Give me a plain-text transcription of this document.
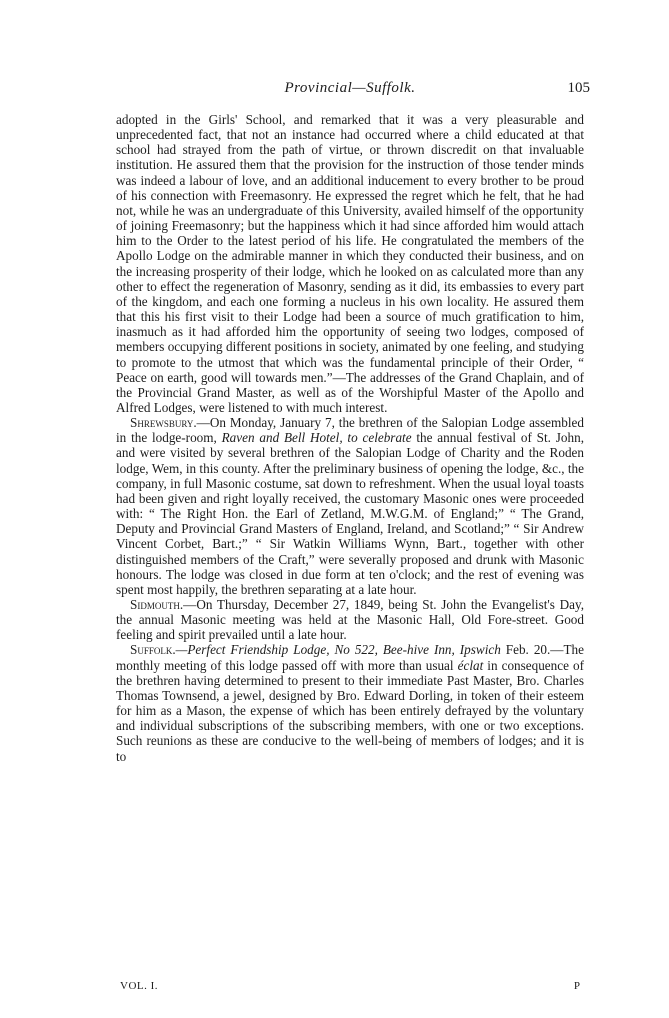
Provincial—Suffolk.	105

adopted in the Girls' School, and remarked that it was a very pleasurable and unprecedented fact, that not an instance had occurred where a child educated at that school had strayed from the path of virtue, or thrown discredit on that invaluable institution. He assured them that the provision for the instruction of those tender minds was indeed a labour of love, and an additional inducement to every brother to be proud of his connection with Freemasonry. He expressed the regret which he felt, that he had not, while he was an undergraduate of this University, availed himself of the opportunity of joining Freemasonry; but the happiness which it had since afforded him would attach him to the Order to the latest period of his life. He congratulated the members of the Apollo Lodge on the admirable manner in which they conducted their business, and on the increasing prosperity of their lodge, which he looked on as calculated more than any other to effect the regeneration of Masonry, sending as it did, its embassies to every part of the kingdom, and each one forming a nucleus in his own locality. He assured them that this his first visit to their Lodge had been a source of much gratification to him, inasmuch as it had afforded him the opportunity of seeing two lodges, composed of members occupying different positions in society, animated by one feeling, and studying to promote to the utmost that which was the fundamental principle of their Order, “ Peace on earth, good will towards men.”—The addresses of the Grand Chaplain, and of the Provincial Grand Master, as well as of the Worshipful Master of the Apollo and Alfred Lodges, were listened to with much interest.

Shrewsbury.—On Monday, January 7, the brethren of the Salopian Lodge assembled in the lodge-room, Raven and Bell Hotel, to celebrate the annual festival of St. John, and were visited by several brethren of the Salopian Lodge of Charity and the Roden lodge, Wem, in this county. After the preliminary business of opening the lodge, &c., the company, in full Masonic costume, sat down to refreshment. When the usual loyal toasts had been given and right loyally received, the customary Masonic ones were proceeded with: “ The Right Hon. the Earl of Zetland, M.W.G.M. of England;” “ The Grand, Deputy and Provincial Grand Masters of England, Ireland, and Scotland;” “ Sir Andrew Vincent Corbet, Bart.;” “ Sir Watkin Williams Wynn, Bart., together with other distinguished members of the Craft,” were severally proposed and drunk with Masonic honours. The lodge was closed in due form at ten o'clock; and the rest of evening was spent most happily, the brethren separating at a late hour.

Sidmouth.—On Thursday, December 27, 1849, being St. John the Evangelist's Day, the annual Masonic meeting was held at the Masonic Hall, Old Fore-street. Good feeling and spirit prevailed until a late hour.

Suffolk.—Perfect Friendship Lodge, No 522, Bee-hive Inn, Ipswich Feb. 20.—The monthly meeting of this lodge passed off with more than usual éclat in consequence of the brethren having determined to present to their immediate Past Master, Bro. Charles Thomas Townsend, a jewel, designed by Bro. Edward Dorling, in token of their esteem for him as a Mason, the expense of which has been entirely defrayed by the voluntary and individual subscriptions of the subscribing members, with one or two exceptions. Such reunions as these are conducive to the well-being of members of lodges; and it is to

VOL. I.	P
